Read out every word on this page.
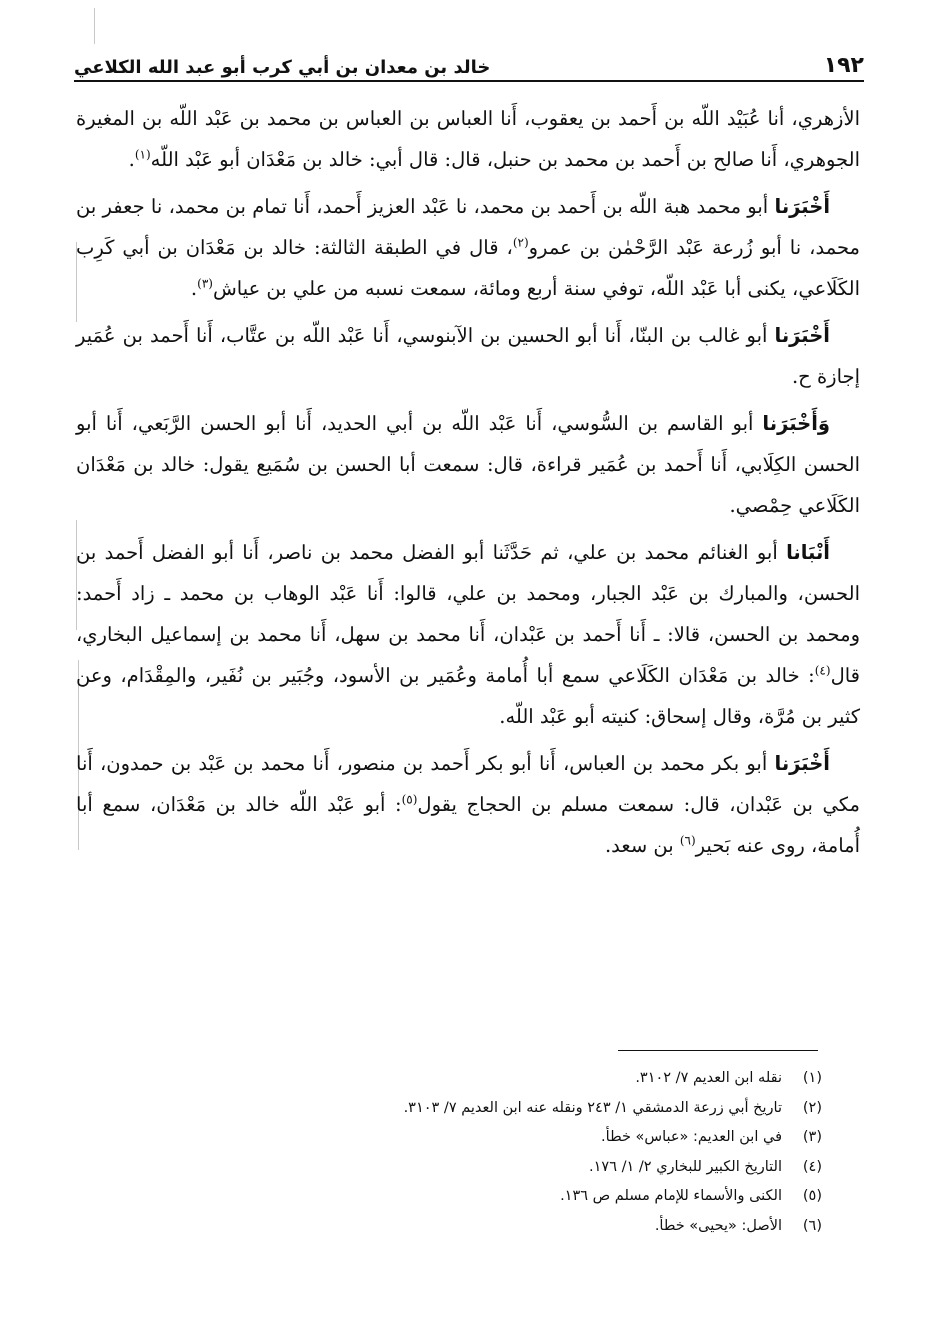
١٩٢
خالد بن معدان بن أبي كرب أبو عبد الله الكلاعي

الأزهري، أنا عُبَيْد اللّه بن أَحمد بن يعقوب، أَنا العباس بن العباس بن محمد بن عَبْد اللّه بن المغيرة الجوهري، أَنا صالح بن أَحمد بن محمد بن حنبل، قال: قال أبي: خالد بن مَعْدَان أبو عَبْد اللّه$^{(١)}$.

أَخْبَرَنا أبو محمد هبة اللّه بن أَحمد بن محمد، نا عَبْد العزيز أَحمد، أَنا تمام بن محمد، نا جعفر بن محمد، نا أبو زُرعة عَبْد الرَّحْمٰن بن عمرو$^{(٢)}$، قال في الطبقة الثالثة: خالد بن مَعْدَان بن أبي كَرِب الكَلَاعي، يكنى أبا عَبْد اللّه، توفي سنة أربع ومائة، سمعت نسبه من علي بن عياش$^{(٣)}$.

أَخْبَرَنا أبو غالب بن البنّا، أَنا أبو الحسين بن الآبنوسي، أَنا عَبْد اللّه بن عتَّاب، أَنا أَحمد بن عُمَير إجازة ح.

وَأَخْبَرَنا أبو القاسم بن السُّوسي، أَنا عَبْد اللّه بن أبي الحديد، أَنا أبو الحسن الرَّبَعي، أَنا أبو الحسن الكِلَابي، أَنا أَحمد بن عُمَير قراءة، قال: سمعت أبا الحسن بن سُمَيع يقول: خالد بن مَعْدَان الكَلَاعي حِمْصي.

أَنْبَانا أبو الغنائم محمد بن علي، ثم حَدَّثَنا أبو الفضل محمد بن ناصر، أَنا أبو الفضل أَحمد بن الحسن، والمبارك بن عَبْد الجبار، ومحمد بن علي، قالوا: أَنا عَبْد الوهاب بن محمد ـ زاد أَحمد: ومحمد بن الحسن، قالا: ـ أَنا أَحمد بن عَبْدان، أَنا محمد بن سهل، أَنا محمد بن إسماعيل البخاري، قال$^{(٤)}$: خالد بن مَعْدَان الكَلَاعي سمع أبا أُمامة وعُمَير بن الأسود، وجُبَير بن نُفَير، والمِقْدَام، وعن كثير بن مُرَّة، وقال إسحاق: كنيته أبو عَبْد اللّه.

أَخْبَرَنا أبو بكر محمد بن العباس، أَنا أبو بكر أَحمد بن منصور، أَنا محمد بن عَبْد بن حمدون، أَنا مكي بن عَبْدان، قال: سمعت مسلم بن الحجاج يقول$^{(٥)}$: أبو عَبْد اللّه خالد بن مَعْدَان، سمع أبا أُمامة، روى عنه بَحير$^{(٦)}$ بن سعد.

(١)
نقله ابن العديم ٧/ ٣١٠٢.
(٢)
تاريخ أبي زرعة الدمشقي ١/ ٢٤٣ ونقله عنه ابن العديم ٧/ ٣١٠٣.
(٣)
في ابن العديم: «عباس» خطأ.
(٤)
التاريخ الكبير للبخاري ٢/ ١/ ١٧٦.
(٥)
الكنى والأسماء للإمام مسلم ص ١٣٦.
(٦)
الأصل: «يحيى» خطأ.
